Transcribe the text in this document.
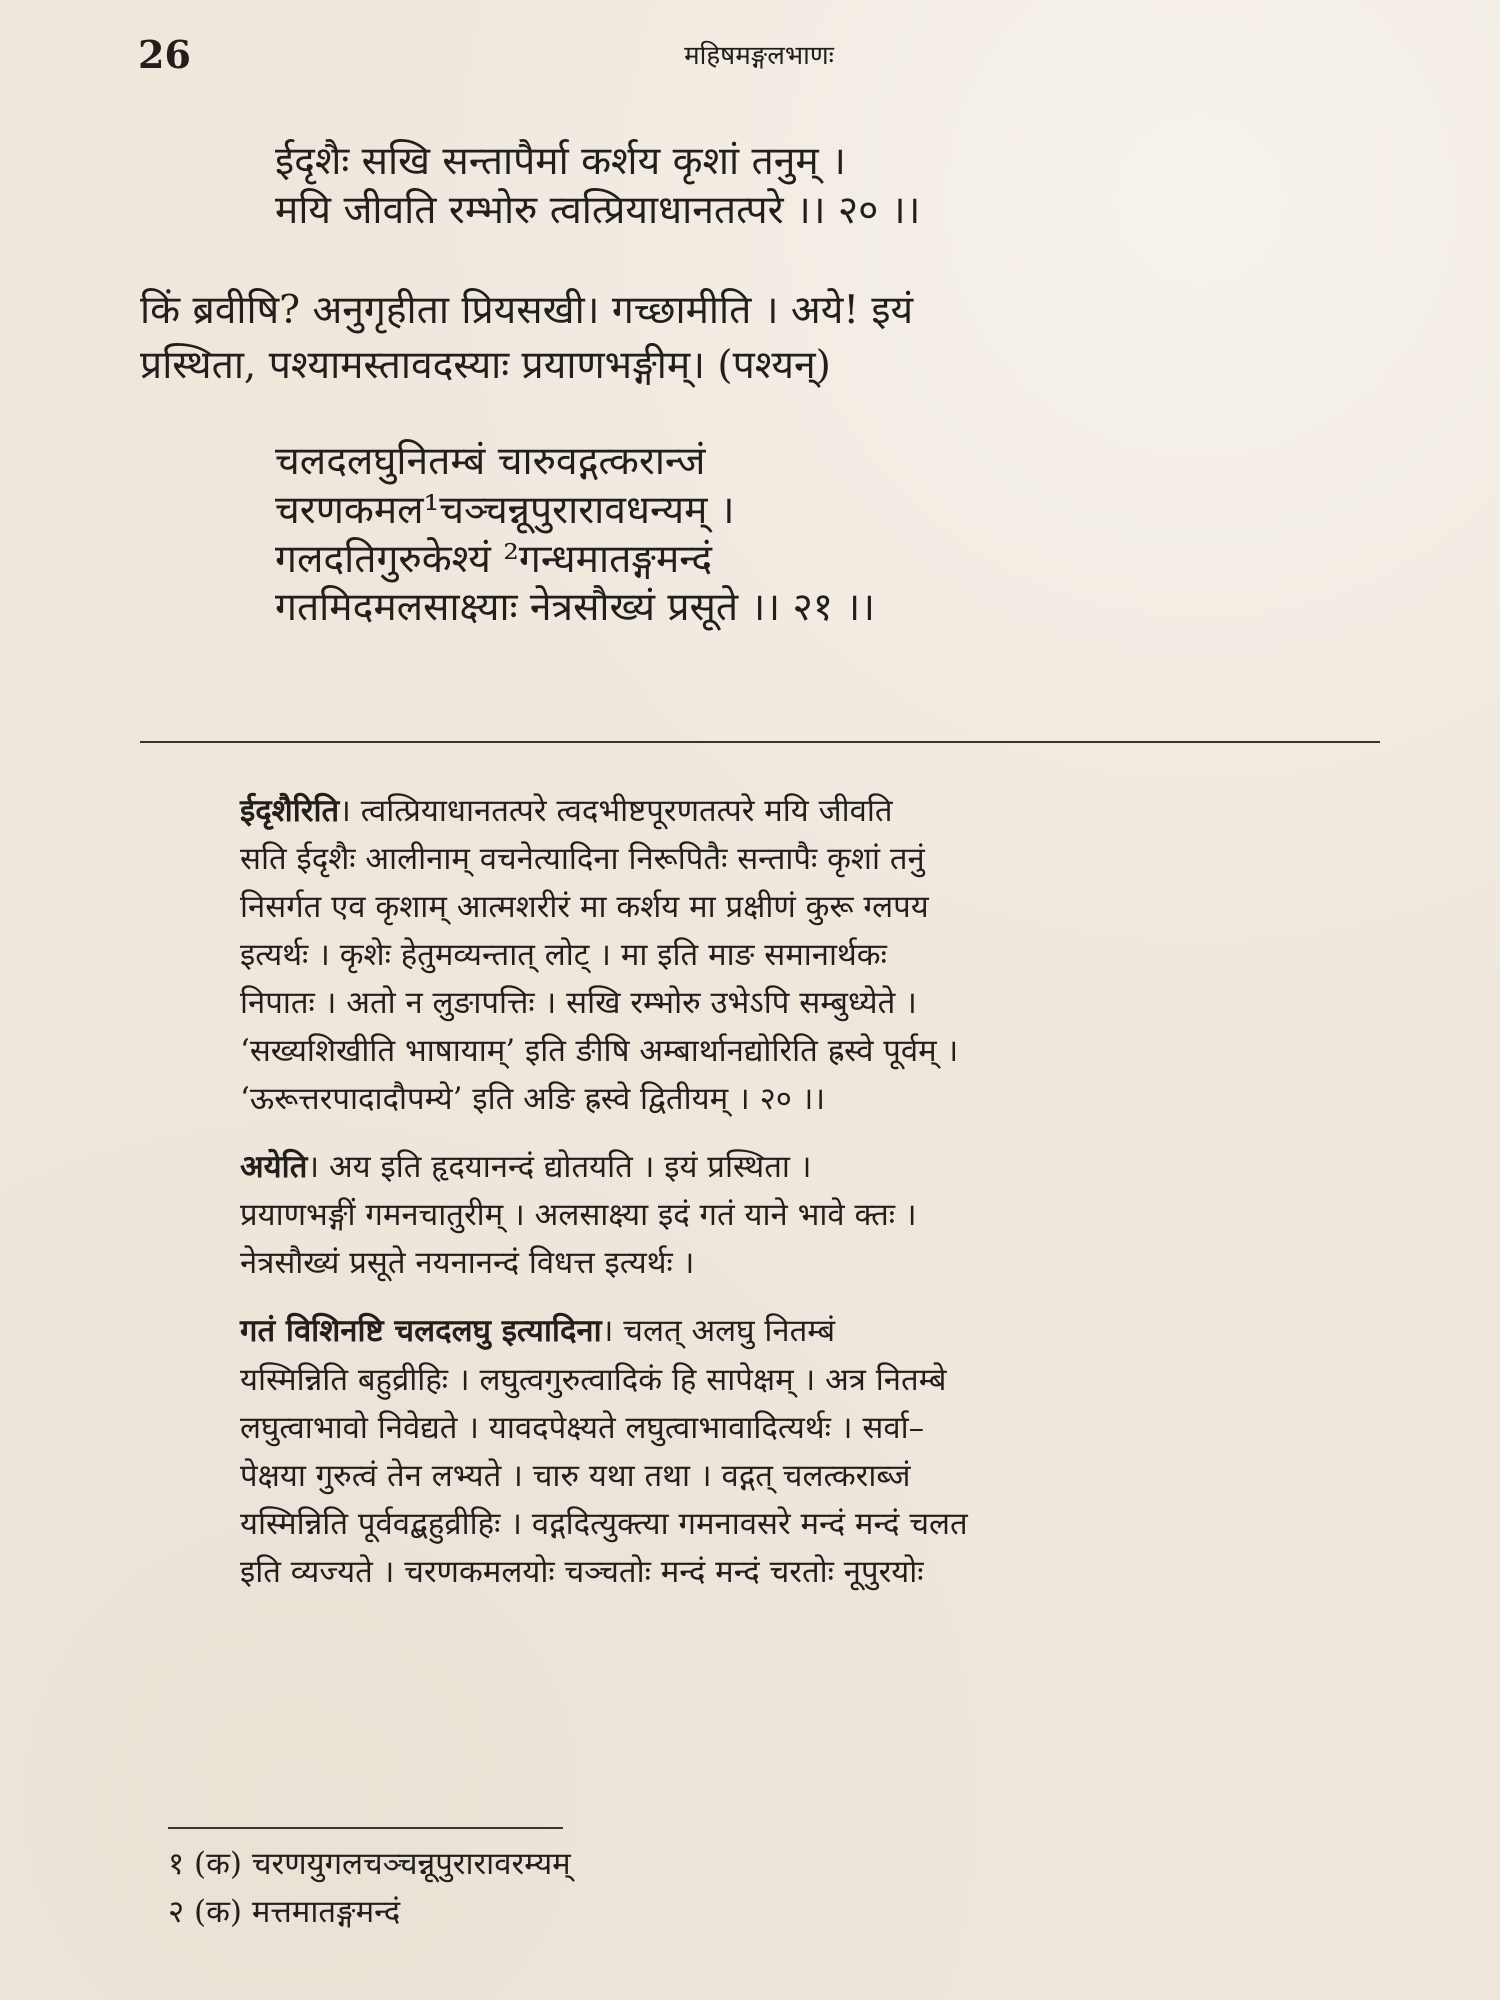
26	महिषमङ्गलभाणः

ईदृशैः सखि सन्तापैर्मा कर्शय कृशां तनुम् ।

मयि जीवति रम्भोरु त्वत्प्रियाधानतत्परे ।। २० ।।

किं ब्रवीषि? अनुगृहीता प्रियसखी। गच्छामीति । अये! इयं
प्रस्थिता, पश्यामस्तावदस्याः प्रयाणभङ्गीम्। (पश्यन्)

चलदलघुनितम्बं चारुवद्गत्करान्जं

चरणकमल¹चञ्चन्नूपुरारावधन्यम् ।

गलदतिगुरुकेश्यं ²गन्धमातङ्गमन्दं

गतमिदमलसाक्ष्याः नेत्रसौख्यं प्रसूते ।। २१ ।।

ईदृशैरिति। त्वत्प्रियाधानतत्परे त्वदभीष्टपूरणतत्परे मयि जीवति
सति ईदृशैः आलीनाम् वचनेत्यादिना निरूपितैः सन्तापैः कृशां तनुं
निसर्गत एव कृशाम् आत्मशरीरं मा कर्शय मा प्रक्षीणं कुरू ग्लपय
इत्यर्थः । कृशेः हेतुमव्यन्तात् लोट् । मा इति माङ समानार्थकः
निपातः । अतो न लुङापत्तिः । सखि रम्भोरु उभेऽपि सम्बुध्येते ।
‘सख्यशिखीति भाषायाम्’ इति ङीषि अम्बार्थानद्योरिति ह्रस्वे पूर्वम् ।
‘ऊरूत्तरपादादौपम्ये’ इति अङि ह्रस्वे द्वितीयम् । २० ।।
अयेति। अय इति हृदयानन्दं द्योतयति । इयं प्रस्थिता ।
प्रयाणभङ्गीं गमनचातुरीम् । अलसाक्ष्या इदं गतं याने भावे क्तः ।
नेत्रसौख्यं प्रसूते नयनानन्दं विधत्त इत्यर्थः ।
गतं विशिनष्टि चलदलघु इत्यादिना। चलत् अलघु नितम्बं
यस्मिन्निति बहुव्रीहिः । लघुत्वगुरुत्वादिकं हि सापेक्षम् । अत्र नितम्बे
लघुत्वाभावो निवेद्यते । यावदपेक्ष्यते लघुत्वाभावादित्यर्थः । सर्वा–
पेक्षया गुरुत्वं तेन लभ्यते । चारु यथा तथा । वद्गत् चलत्कराब्जं
यस्मिन्निति पूर्ववद्बहुव्रीहिः । वद्गदित्युक्त्या गमनावसरे मन्दं मन्दं चलत
इति व्यज्यते । चरणकमलयोः चञ्चतोः मन्दं मन्दं चरतोः नूपुरयोः

१ (क) चरणयुगलचञ्चन्नूपुरारावरम्यम्

२ (क) मत्तमातङ्गमन्दं
